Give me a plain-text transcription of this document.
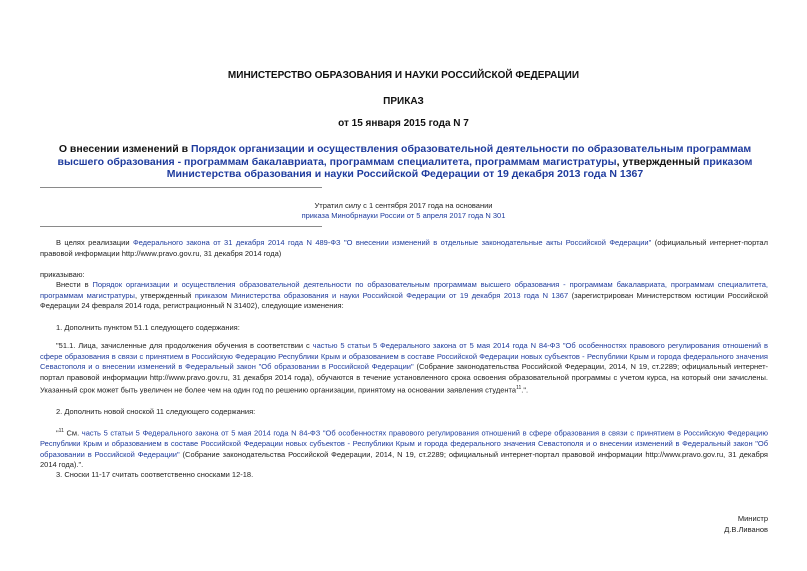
МИНИСТЕРСТВО ОБРАЗОВАНИЯ И НАУКИ РОССИЙСКОЙ ФЕДЕРАЦИИ
ПРИКАЗ
от 15 января 2015 года N 7
О внесении изменений в Порядок организации и осуществления образовательной деятельности по образовательным программам высшего образования - программам бакалавриата, программам специалитета, программам магистратуры, утвержденный приказом Министерства образования и науки Российской Федерации от 19 декабря 2013 года N 1367
Утратил силу с 1 сентября 2017 года на основании
приказа Минобрнауки России от 5 апреля 2017 года N 301

В целях реализации Федерального закона от 31 декабря 2014 года N 489-ФЗ "О внесении изменений в отдельные законодательные акты Российской Федерации" (официальный интернет-портал правовой информации http://www.pravo.gov.ru, 31 декабря 2014 года)

приказываю:

Внести в Порядок организации и осуществления образовательной деятельности по образовательным программам высшего образования - программам бакалавриата, программам специалитета, программам магистратуры, утвержденный приказом Министерства образования и науки Российской Федерации от 19 декабря 2013 года N 1367 (зарегистрирован Министерством юстиции Российской Федерации 24 февраля 2014 года, регистрационный N 31402), следующие изменения:

1. Дополнить пунктом 51.1 следующего содержания:

"51.1. Лица, зачисленные для продолжения обучения в соответствии с частью 5 статьи 5 Федерального закона от 5 мая 2014 года N 84-ФЗ "Об особенностях правового регулирования отношений в сфере образования в связи с принятием в Российскую Федерацию Республики Крым и образованием в составе Российской Федерации новых субъектов - Республики Крым и города федерального значения Севастополя и о внесении изменений в Федеральный закон "Об образовании в Российской Федерации" (Собрание законодательства Российской Федерации, 2014, N 19, ст.2289; официальный интернет-портал правовой информации http://www.pravo.gov.ru, 31 декабря 2014 года), обучаются в течение установленного срока освоения образовательной программы с учетом курса, на который они зачислены. Указанный срок может быть увеличен не более чем на один год по решению организации, принятому на основании заявления студента$^{11}$.".

2. Дополнить новой сноской 11 следующего содержания:

"$^{11}$ См. часть 5 статьи 5 Федерального закона от 5 мая 2014 года N 84-ФЗ "Об особенностях правового регулирования отношений в сфере образования в связи с принятием в Российскую Федерацию Республики Крым и образованием в составе Российской Федерации новых субъектов - Республики Крым и города федерального значения Севастополя и о внесении изменений в Федеральный закон "Об образовании в Российской Федерации" (Собрание законодательства Российской Федерации, 2014, N 19, ст.2289; официальный интернет-портал правовой информации http://www.pravo.gov.ru, 31 декабря 2014 года).".

3. Сноски 11-17 считать соответственно сносками 12-18.

Министр
Д.В.Ливанов
